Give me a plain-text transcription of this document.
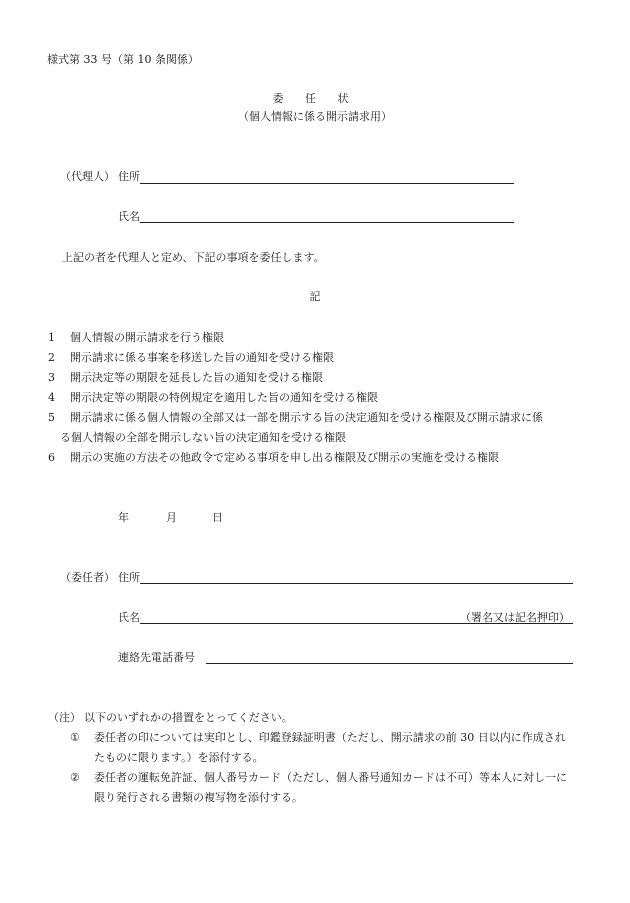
様式第 33 号（第 10 条関係）
委 任 状
（個人情報に係る開示請求用）
（代理人） 住所
氏名
上記の者を代理人と定め、下記の事項を委任します。
記
1 個人情報の開示請求を行う権限
2 開示請求に係る事案を移送した旨の通知を受ける権限
3 開示決定等の期限を延長した旨の通知を受ける権限
4 開示決定等の期限の特例規定を適用した旨の通知を受ける権限
5 開示請求に係る個人情報の全部又は一部を開示する旨の決定通知を受ける権限及び開示請求に係
る個人情報の全部を開示しない旨の決定通知を受ける権限
6 開示の実施の方法その他政令で定める事項を申し出る権限及び開示の実施を受ける権限
年	月	日
（委任者） 住所
氏名	（署名又は記名押印）
連絡先電話番号
（注） 以下のいずれかの措置をとってください。
① 委任者の印については実印とし、印鑑登録証明書（ただし、開示請求の前 30 日以内に作成され
たものに限ります。）を添付する。
② 委任者の運転免許証、個人番号カード（ただし、個人番号通知カードは不可）等本人に対し一に
限り発行される書類の複写物を添付する。
